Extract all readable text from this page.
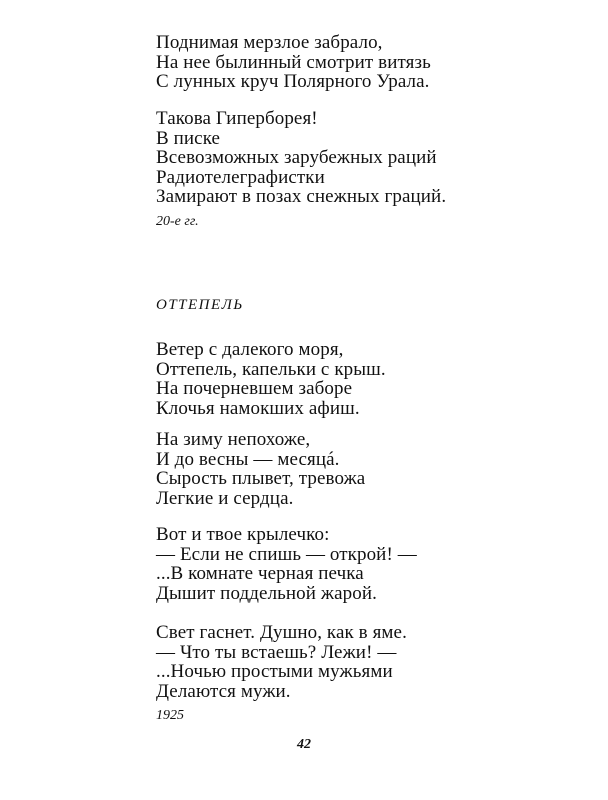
Поднимая мерзлое забрало,
На нее былинный смотрит витязь
С лунных круч Полярного Урала.
Такова Гиперборея!
В писке
Всевозможных зарубежных раций
Радиотелеграфистки
Замирают в позах снежных граций.
20-е гг.
ОТТЕПЕЛЬ
Ветер с далекого моря,
Оттепель, капельки с крыш.
На почерневшем заборе
Клочья намокших афиш.
На зиму непохоже,
И до весны — месяцá.
Сырость плывет, тревожа
Легкие и сердца.
Вот и твое крылечко:
— Если не спишь — открой! —
...В комнате черная печка
Дышит поддельной жарой.
Свет гаснет. Душно, как в яме.
— Что ты встаешь? Лежи! —
...Ночью простыми мужьями
Делаются мужи.
1925
42
